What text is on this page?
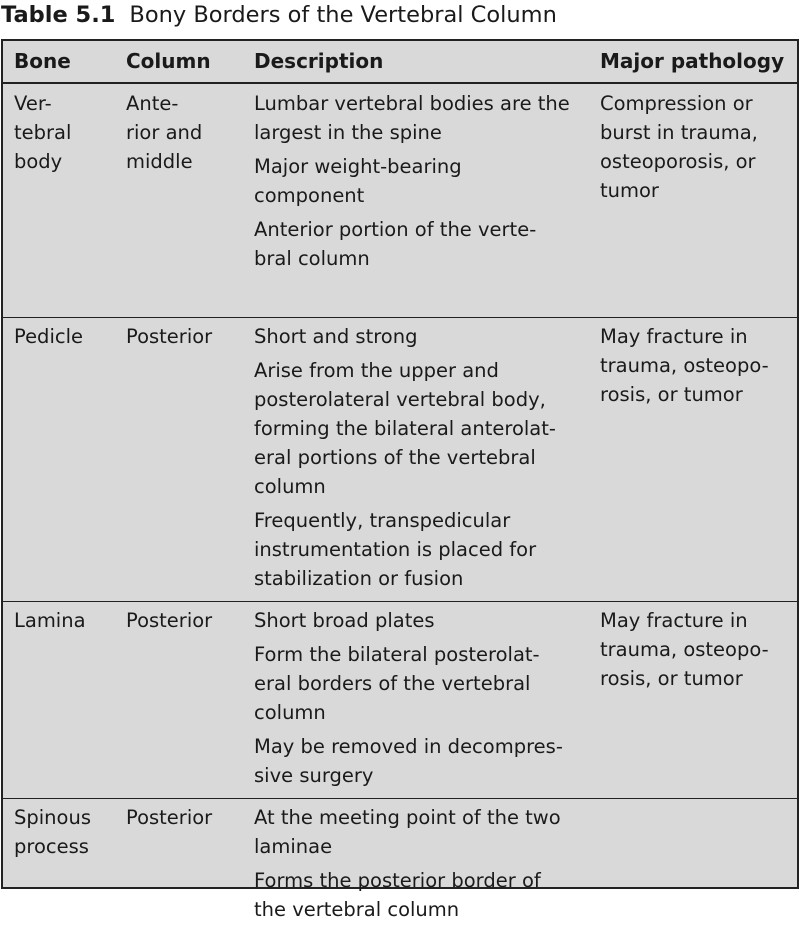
Table 5.1 Bony Borders of the Vertebral Column
Bone	Column Description	Major pathology
Ver-
tebral
body
Ante-
rior and
middle
Lumbar vertebral bodies are the
largest in the spine
Major weight-bearing
component
Anterior portion of the verte-
bral column
Compression or
burst in trauma,
osteoporosis, or
tumor
Pedicle Posterior Short and strong
Arise from the upper and
posterolateral vertebral body,
forming the bilateral anterolat-
eral portions of the vertebral
column
Frequently, transpedicular
instrumentation is placed for
stabilization or fusion
May fracture in
trauma, osteopo-
rosis, or tumor
Lamina Posterior Short broad plates
Form the bilateral posterolat-
eral borders of the vertebral
column
May be removed in decompres-
sive surgery
May fracture in
trauma, osteopo-
rosis, or tumor
Spinous
process
Posterior At the meeting point of the two
laminae
Forms the posterior border of
the vertebral column
